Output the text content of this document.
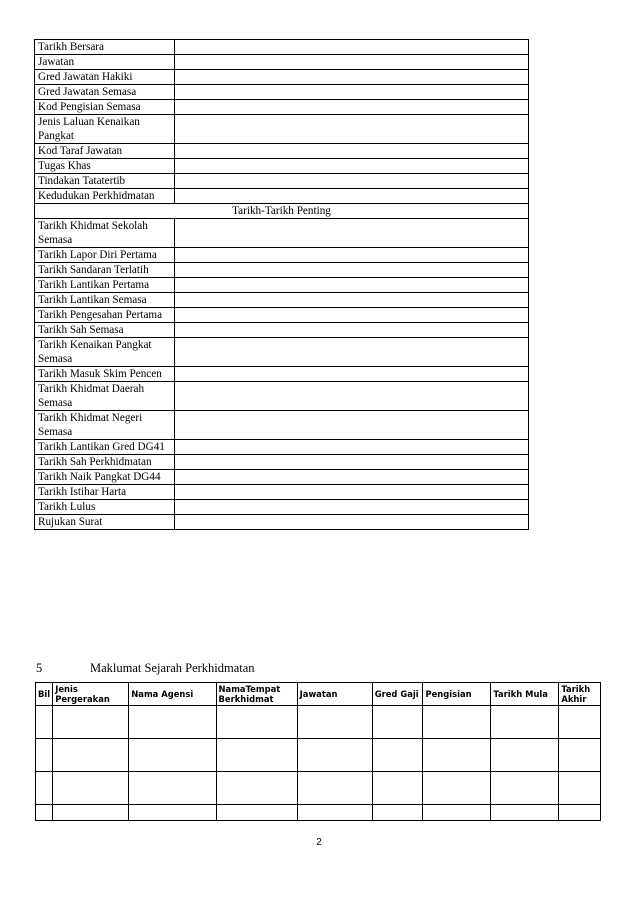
Tarikh Bersara	
Jawatan	
Gred Jawatan Hakiki	
Gred Jawatan Semasa	
Kod Pengisian Semasa	
Jenis Laluan Kenaikan Pangkat	
Kod Taraf Jawatan	
Tugas Khas	
Tindakan Tatatertib	
Kedudukan Perkhidmatan	
Tarikh-Tarikh Penting	
Tarikh Khidmat Sekolah Semasa	
Tarikh Lapor Diri Pertama	
Tarikh Sandaran Terlatih	
Tarikh Lantikan Pertama	
Tarikh Lantikan Semasa	
Tarikh Pengesahan Pertama	
Tarikh Sah Semasa	
Tarikh Kenaikan Pangkat Semasa	
Tarikh Masuk Skim Pencen	
Tarikh Khidmat Daerah Semasa	
Tarikh Khidmat Negeri Semasa	
Tarikh Lantikan Gred DG41	
Tarikh Sah Perkhidmatan	
Tarikh Naik Pangkat DG44	
Tarikh Istihar Harta	
Tarikh Lulus	
Rujukan Surat	
5	Maklumat Sejarah Perkhidmatan
Bil	Jenis Pergerakan	Nama Agensi	NamaTempat Berkhidmat	Jawatan	Gred Gaji	Pengisian	Tarikh Mula	Tarikh Akhir

2
